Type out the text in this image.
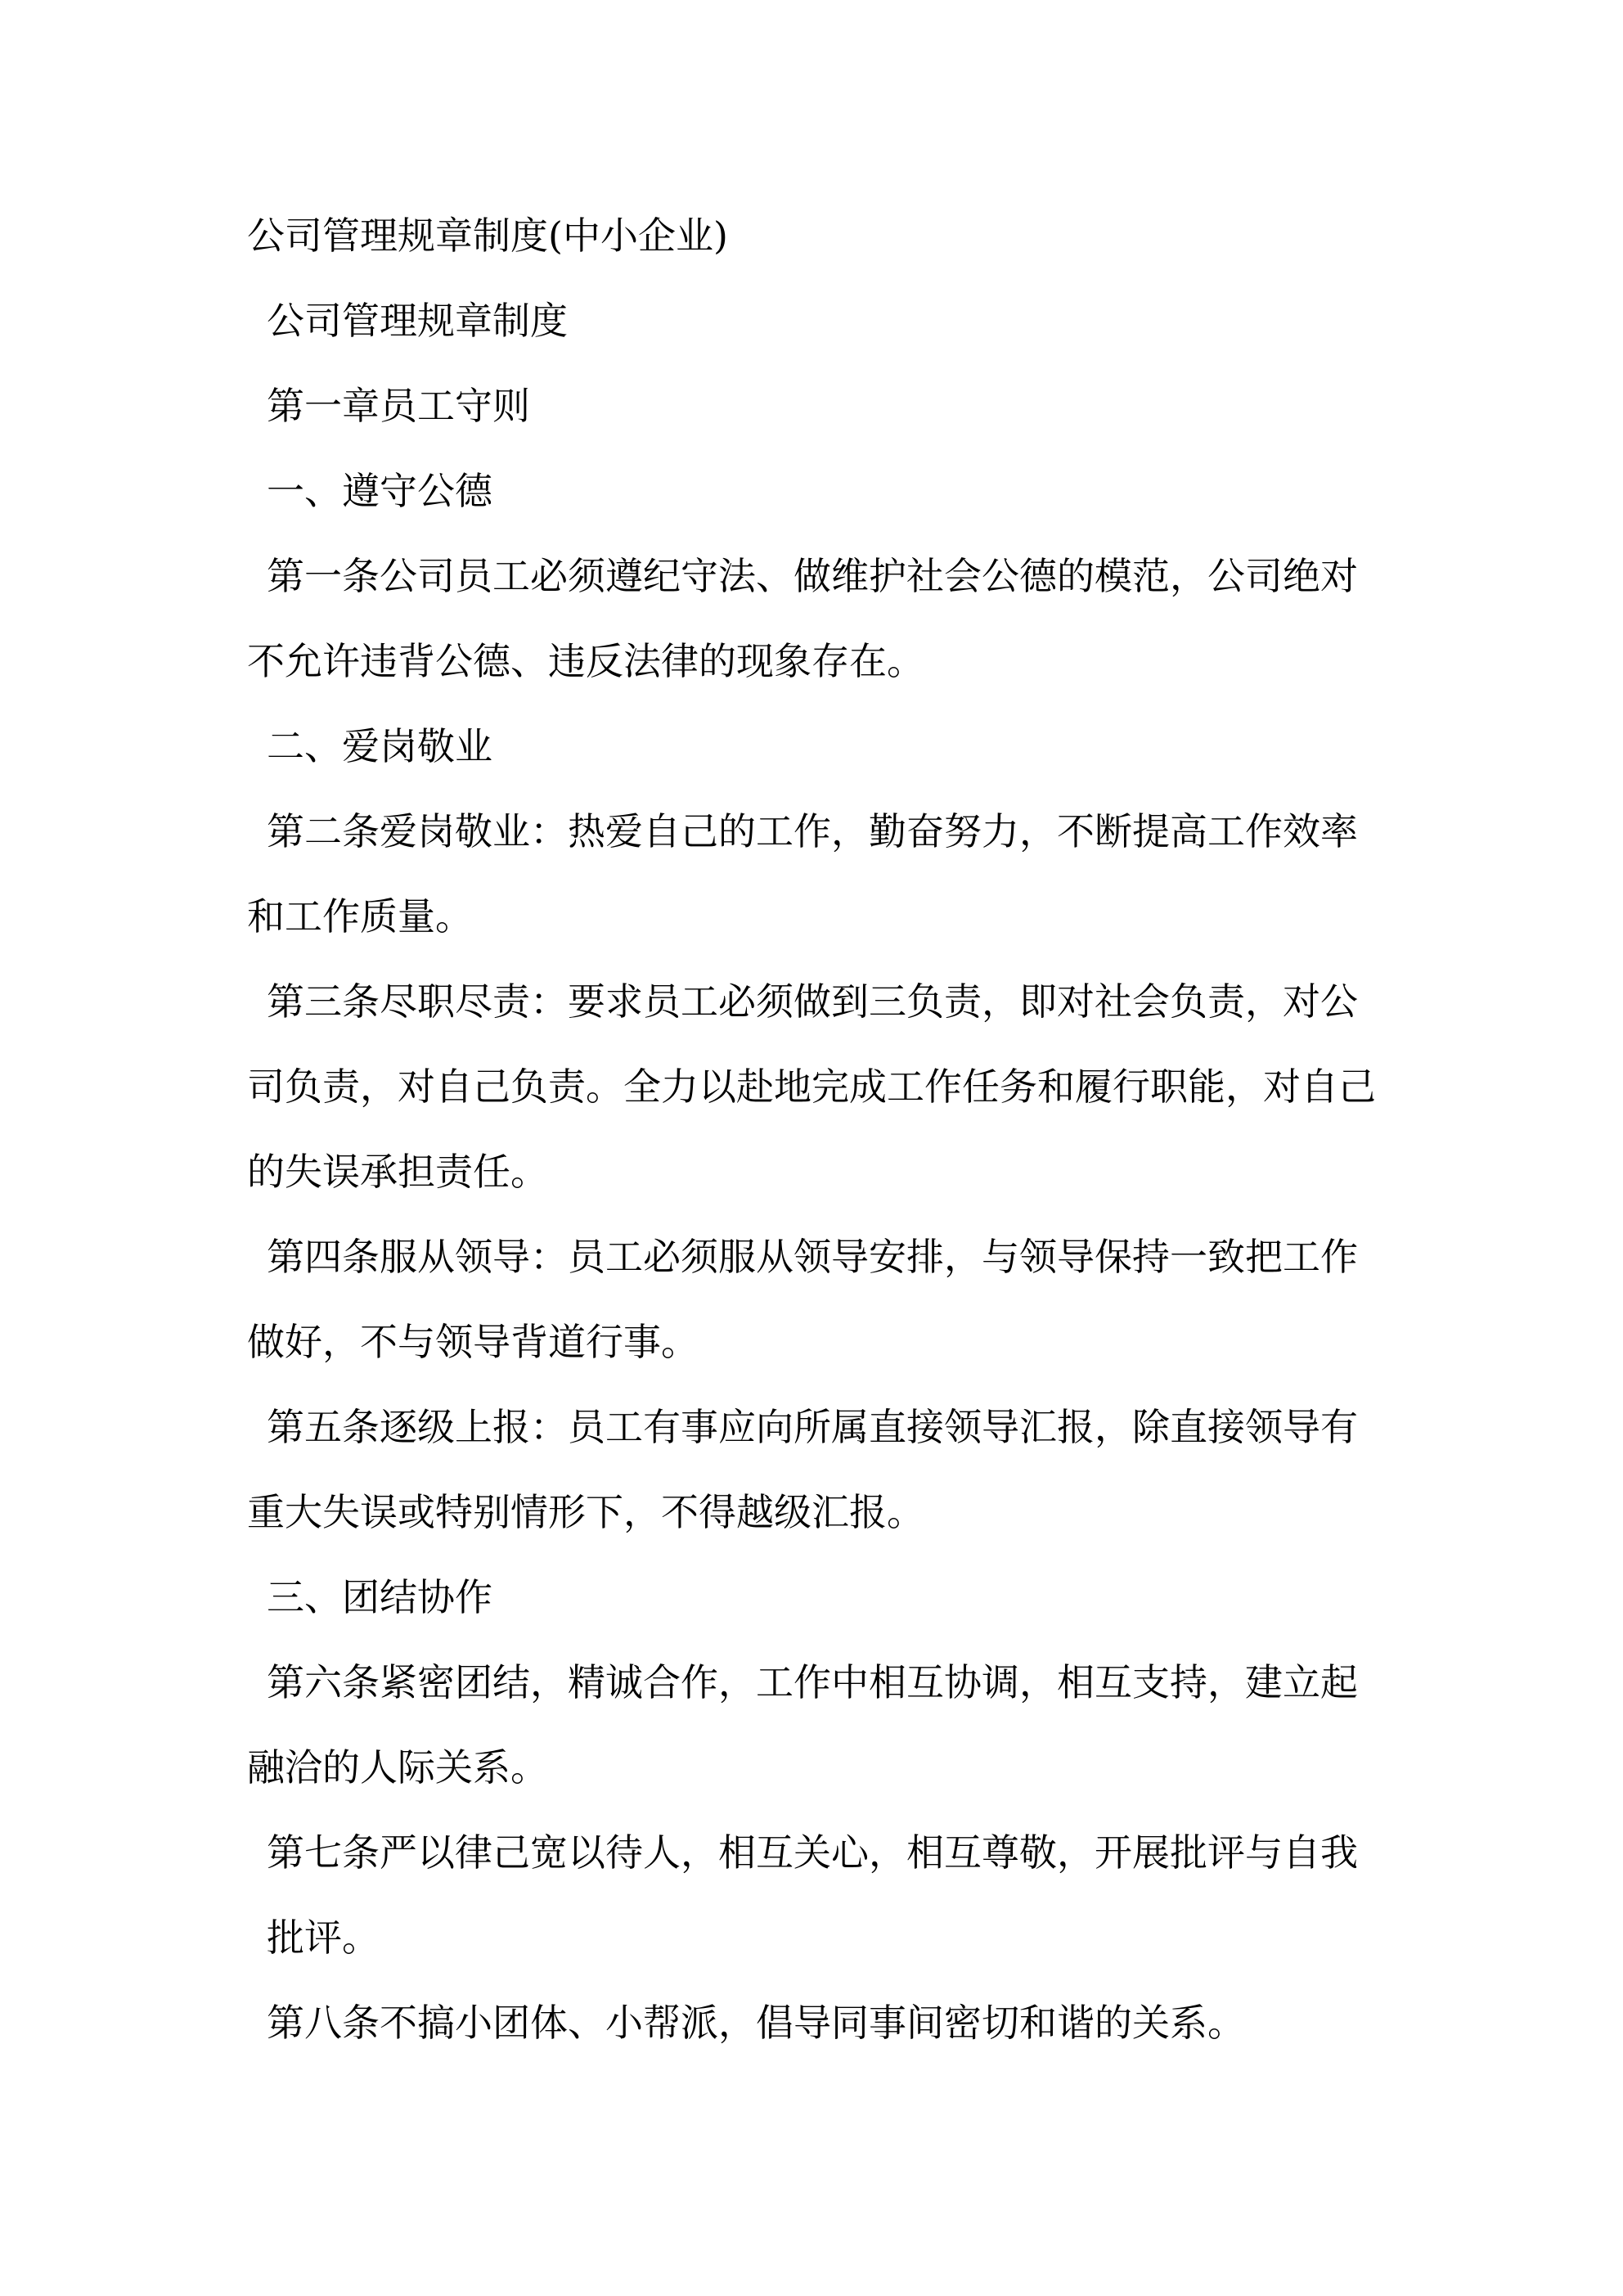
公司管理规章制度(中小企业)

公司管理规章制度

第一章员工守则

一、遵守公德

第一条公司员工必须遵纪守法、做维护社会公德的模范，公司绝对

不允许违背公德、违反法律的现象存在。

二、爱岗敬业

第二条爱岗敬业：热爱自己的工作，勤奋努力，不断提高工作效率

和工作质量。

第三条尽职尽责：要求员工必须做到三负责，即对社会负责，对公

司负责，对自己负责。全力以赴地完成工作任务和履行职能，对自己

的失误承担责任。

第四条服从领导：员工必须服从领导安排，与领导保持一致把工作

做好，不与领导背道行事。

第五条逐级上报：员工有事应向所属直接领导汇报，除直接领导有

重大失误或特别情形下，不得越级汇报。

三、团结协作

第六条紧密团结，精诚合作，工作中相互协调，相互支持，建立起

融洽的人际关系。

第七条严以律己宽以待人，相互关心，相互尊敬，开展批评与自我

批评。

第八条不搞小团体、小帮派，倡导同事间密切和谐的关系。
